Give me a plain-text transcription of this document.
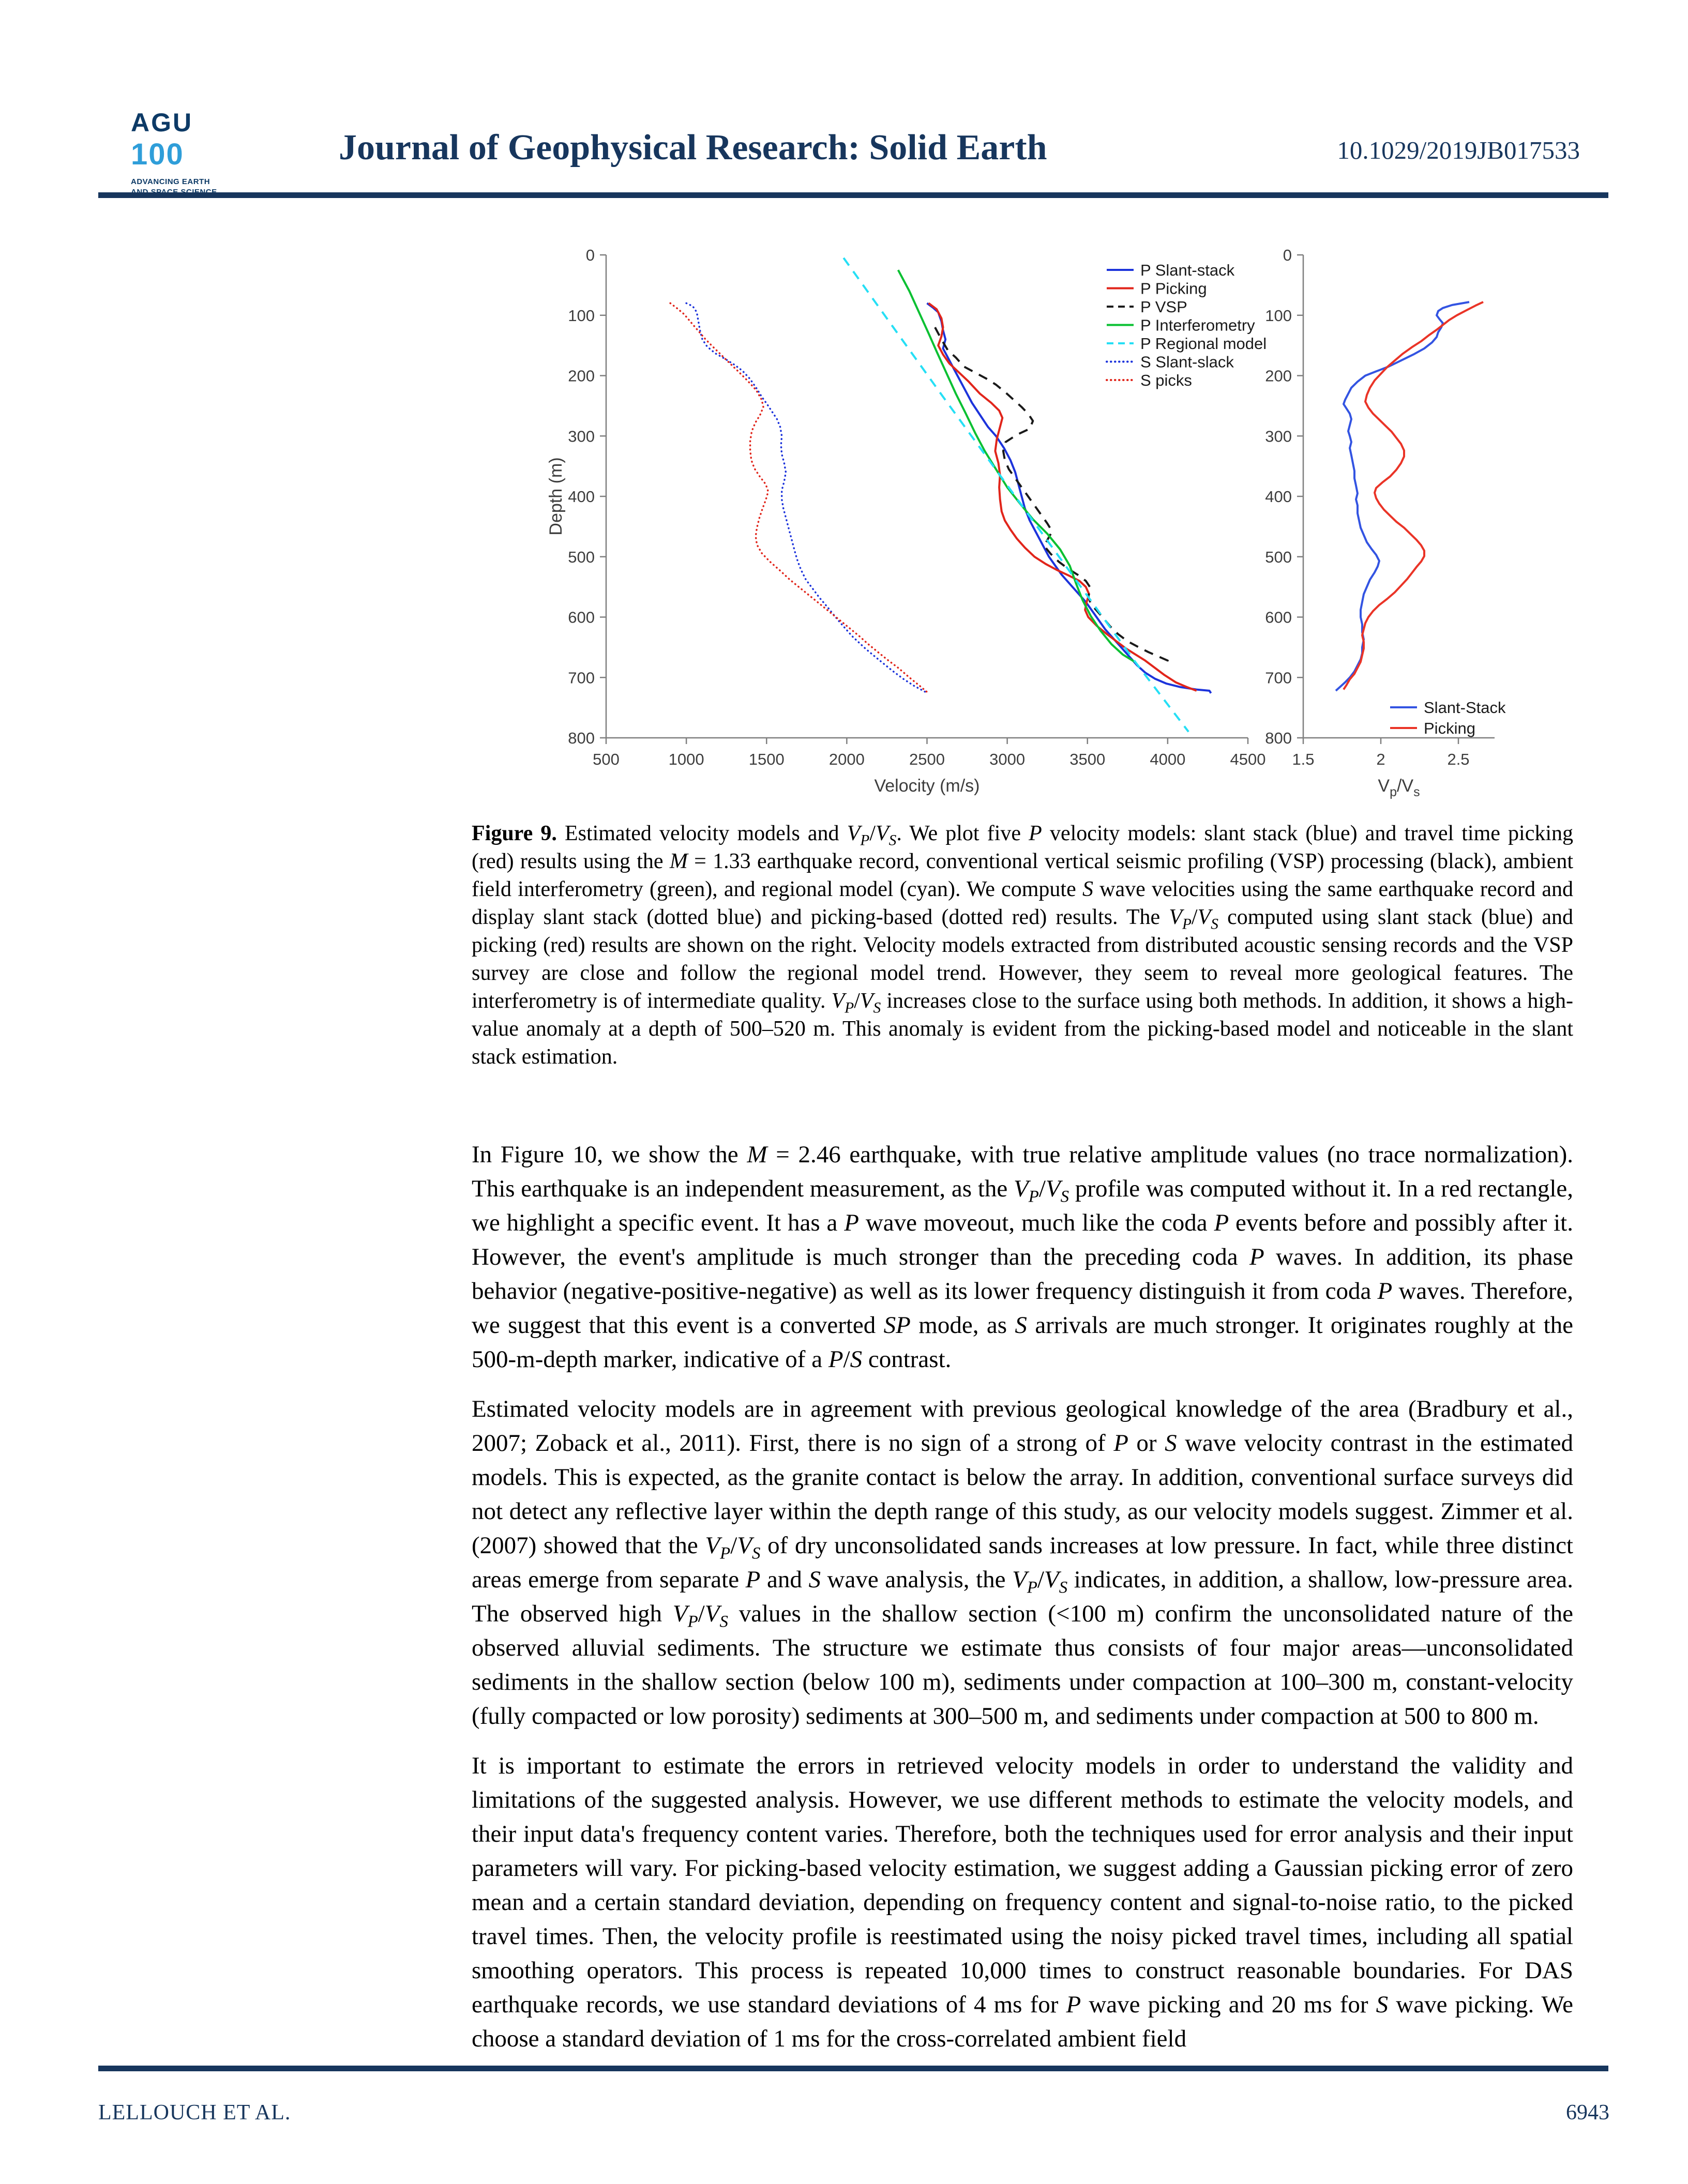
AGU
100
ADVANCING EARTH
Journal of Geophysical Research: Solid Earth	10.1029/2019JB017533
0
100
200
300
400
500
600
700
800
500	1000	1500	2000	2500	3000	3500	4000	4500
Depth (m)
Velocity (m/s)
P Slant-stack
P Picking
P VSP
P Interferometry
P Regional model
S Slant-slack
S picks
0
100
200
300
400
500
600
700
800
1.5	2	2.5
$V_p/V_s$
Slant-Stack
Picking
Figure 9. Estimated velocity models and $V_P/V_S$. We plot five P velocity models: slant stack (blue) and travel time picking (red) results using the M = 1.33 earthquake record, conventional vertical seismic profiling (VSP) processing (black), ambient field interferometry (green), and regional model (cyan). We compute S wave velocities using the same earthquake record and display slant stack (dotted blue) and picking-based (dotted red) results. The $V_P/V_S$ computed using slant stack (blue) and picking (red) results are shown on the right. Velocity models extracted from distributed acoustic sensing records and the VSP survey are close and follow the regional model trend. However, they seem to reveal more geological features. The interferometry is of intermediate quality. $V_P/V_S$ increases close to the surface using both methods. In addition, it shows a high-value anomaly at a depth of 500–520 m. This anomaly is evident from the picking-based model and noticeable in the slant stack estimation.

In Figure 10, we show the M = 2.46 earthquake, with true relative amplitude values (no trace normalization). This earthquake is an independent measurement, as the $V_P/V_S$ profile was computed without it. In a red rectangle, we highlight a specific event. It has a P wave moveout, much like the coda P events before and possibly after it. However, the event's amplitude is much stronger than the preceding coda P waves. In addition, its phase behavior (negative-positive-negative) as well as its lower frequency distinguish it from coda P waves. Therefore, we suggest that this event is a converted SP mode, as S arrivals are much stronger. It originates roughly at the 500-m-depth marker, indicative of a P/S contrast.

Estimated velocity models are in agreement with previous geological knowledge of the area (Bradbury et al., 2007; Zoback et al., 2011). First, there is no sign of a strong of P or S wave velocity contrast in the estimated models. This is expected, as the granite contact is below the array. In addition, conventional surface surveys did not detect any reflective layer within the depth range of this study, as our velocity models suggest. Zimmer et al. (2007) showed that the $V_P/V_S$ of dry unconsolidated sands increases at low pressure. In fact, while three distinct areas emerge from separate P and S wave analysis, the $V_P/V_S$ indicates, in addition, a shallow, low-pressure area. The observed high $V_P/V_S$ values in the shallow section (<100 m) confirm the unconsolidated nature of the observed alluvial sediments. The structure we estimate thus consists of four major areas—unconsolidated sediments in the shallow section (below 100 m), sediments under compaction at 100–300 m, constant-velocity (fully compacted or low porosity) sediments at 300–500 m, and sediments under compaction at 500 to 800 m.

It is important to estimate the errors in retrieved velocity models in order to understand the validity and limitations of the suggested analysis. However, we use different methods to estimate the velocity models, and their input data's frequency content varies. Therefore, both the techniques used for error analysis and their input parameters will vary. For picking-based velocity estimation, we suggest adding a Gaussian picking error of zero mean and a certain standard deviation, depending on frequency content and signal-to-noise ratio, to the picked travel times. Then, the velocity profile is reestimated using the noisy picked travel times, including all spatial smoothing operators. This process is repeated 10,000 times to construct reasonable boundaries. For DAS earthquake records, we use standard deviations of 4 ms for P wave picking and 20 ms for S wave picking. We choose a standard deviation of 1 ms for the cross-correlated ambient field

LELLOUCH ET AL.	6943
